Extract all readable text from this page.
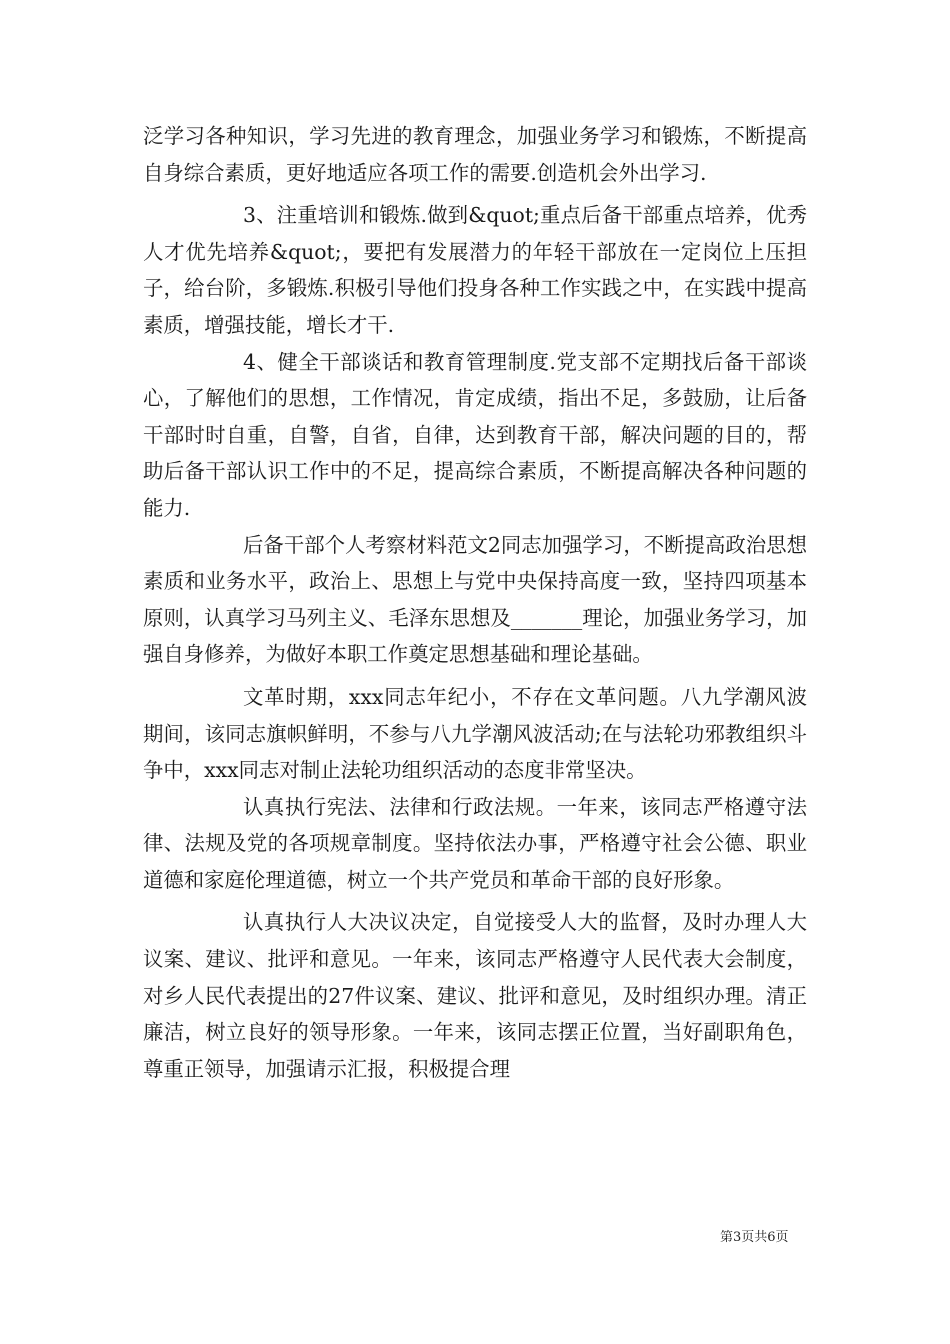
泛学习各种知识，学习先进的教育理念，加强业务学习和锻炼，不断提高自身综合素质，更好地适应各项工作的需要.创造机会外出学习.

3、注重培训和锻炼.做到&quot;重点后备干部重点培养，优秀人才优先培养&quot;，要把有发展潜力的年轻干部放在一定岗位上压担子，给台阶，多锻炼.积极引导他们投身各种工作实践之中，在实践中提高素质，增强技能，增长才干.

4、健全干部谈话和教育管理制度.党支部不定期找后备干部谈心，了解他们的思想，工作情况，肯定成绩，指出不足，多鼓励，让后备干部时时自重，自警，自省，自律，达到教育干部，解决问题的目的，帮助后备干部认识工作中的不足，提高综合素质，不断提高解决各种问题的能力.

后备干部个人考察材料范文2同志加强学习，不断提高政治思想素质和业务水平，政治上、思想上与党中央保持高度一致，坚持四项基本原则，认真学习马列主义、毛泽东思想及_______理论，加强业务学习，加强自身修养，为做好本职工作奠定思想基础和理论基础。

文革时期，xxx同志年纪小，不存在文革问题。八九学潮风波期间，该同志旗帜鲜明，不参与八九学潮风波活动;在与法轮功邪教组织斗争中，xxx同志对制止法轮功组织活动的态度非常坚决。

认真执行宪法、法律和行政法规。一年来，该同志严格遵守法律、法规及党的各项规章制度。坚持依法办事，严格遵守社会公德、职业道德和家庭伦理道德，树立一个共产党员和革命干部的良好形象。

认真执行人大决议决定，自觉接受人大的监督，及时办理人大议案、建议、批评和意见。一年来，该同志严格遵守人民代表大会制度，对乡人民代表提出的27件议案、建议、批评和意见，及时组织办理。清正廉洁，树立良好的领导形象。一年来，该同志摆正位置，当好副职角色，尊重正领导，加强请示汇报，积极提合理

第3页共6页
